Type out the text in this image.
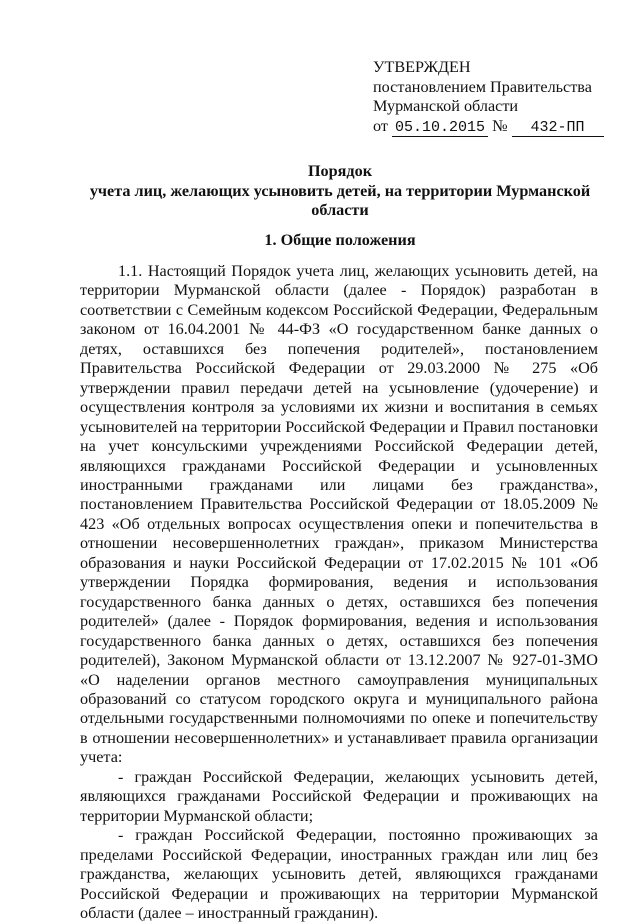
УТВЕРЖДЕН
постановлением Правительства
Мурманской области
от 05.10.2015 № 432-ПП
Порядок
учета лиц, желающих усыновить детей, на территории Мурманской
области
1. Общие положения

1.1. Настоящий Порядок учета лиц, желающих усыновить детей, на территории Мурманской области (далее - Порядок) разработан в соответствии с Семейным кодексом Российской Федерации, Федеральным законом от 16.04.2001 № 44-ФЗ «О государственном банке данных о детях, оставшихся без попечения родителей», постановлением Правительства Российской Федерации от 29.03.2000 № 275 «Об утверждении правил передачи детей на усыновление (удочерение) и осуществления контроля за условиями их жизни и воспитания в семьях усыновителей на территории Российской Федерации и Правил постановки на учет консульскими учреждениями Российской Федерации детей, являющихся гражданами Российской Федерации и усыновленных иностранными гражданами или лицами без гражданства», постановлением Правительства Российской Федерации от 18.05.2009 № 423 «Об отдельных вопросах осуществления опеки и попечительства в отношении несовершеннолетних граждан», приказом Министерства образования и науки Российской Федерации от 17.02.2015 № 101 «Об утверждении Порядка формирования, ведения и использования государственного банка данных о детях, оставшихся без попечения родителей» (далее - Порядок формирования, ведения и использования государственного банка данных о детях, оставшихся без попечения родителей), Законом Мурманской области от 13.12.2007 № 927-01-ЗМО «О наделении органов местного самоуправления муниципальных образований со статусом городского округа и муниципального района отдельными государственными полномочиями по опеке и попечительству в отношении несовершеннолетних» и устанавливает правила организации учета:

- граждан Российской Федерации, желающих усыновить детей, являющихся гражданами Российской Федерации и проживающих на территории Мурманской области;

- граждан Российской Федерации, постоянно проживающих за пределами Российской Федерации, иностранных граждан или лиц без гражданства, желающих усыновить детей, являющихся гражданами Российской Федерации и проживающих на территории Мурманской области (далее – иностранный гражданин).
